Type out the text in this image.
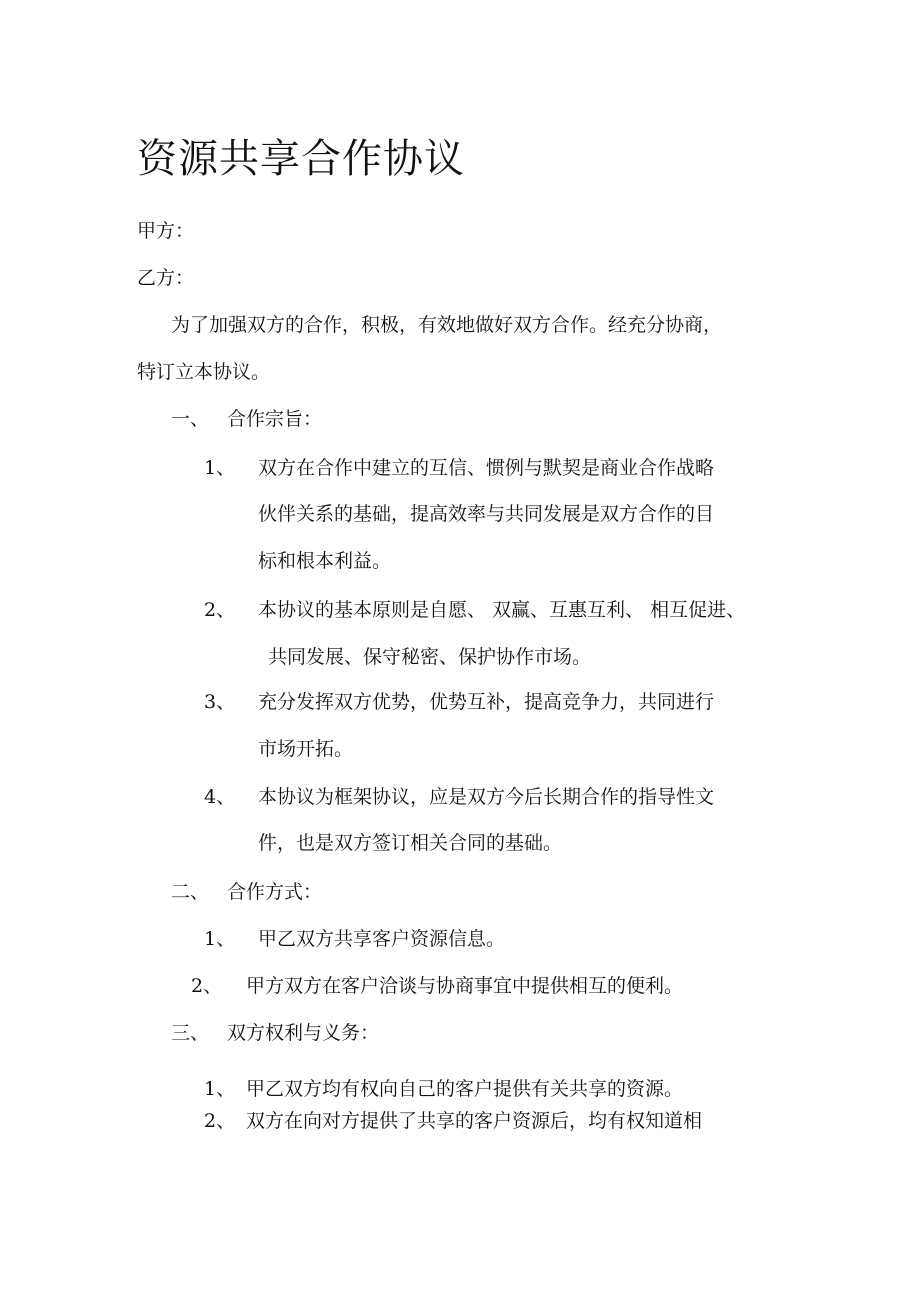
资源共享合作协议
甲方：
乙方：
为了加强双方的合作，积极，有效地做好双方合作。经充分协商，
特订立本协议。
一、 合作宗旨：
1、 双方在合作中建立的互信、惯例与默契是商业合作战略
伙伴关系的基础，提高效率与共同发展是双方合作的目
标和根本利益。
2、 本协议的基本原则是自愿、 双赢、互惠互利、 相互促进、
共同发展、保守秘密、保护协作市场。
3、 充分发挥双方优势，优势互补，提高竞争力，共同进行
市场开拓。
4、 本协议为框架协议，应是双方今后长期合作的指导性文
件，也是双方签订相关合同的基础。
二、 合作方式：
1、 甲乙双方共享客户资源信息。
2、 甲方双方在客户洽谈与协商事宜中提供相互的便利。
三、 双方权利与义务：
1、 甲乙双方均有权向自己的客户提供有关共享的资源。
2、 双方在向对方提供了共享的客户资源后，均有权知道相
